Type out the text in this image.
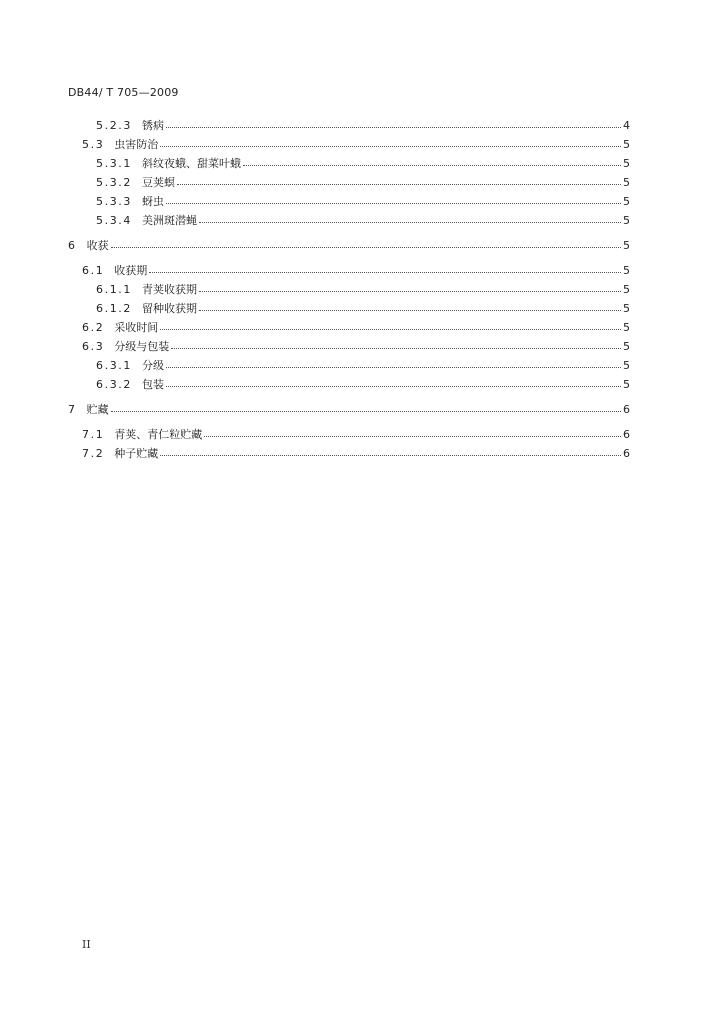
DB44/ T 705—2009
5.2.3 锈病	4
5.3 虫害防治	5
5.3.1 斜纹夜蛾、甜菜叶蛾	5
5.3.2 豆荚螟	5
5.3.3 蚜虫	5
5.3.4 美洲斑潜蝇	5
6 收获	5
6.1 收获期	5
6.1.1 青荚收获期	5
6.1.2 留种收获期	5
6.2 采收时间	5
6.3 分级与包装	5
6.3.1 分级	5
6.3.2 包装	5
7 贮藏	6
7.1 青荚、青仁粒贮藏	6
7.2 种子贮藏	6
II
